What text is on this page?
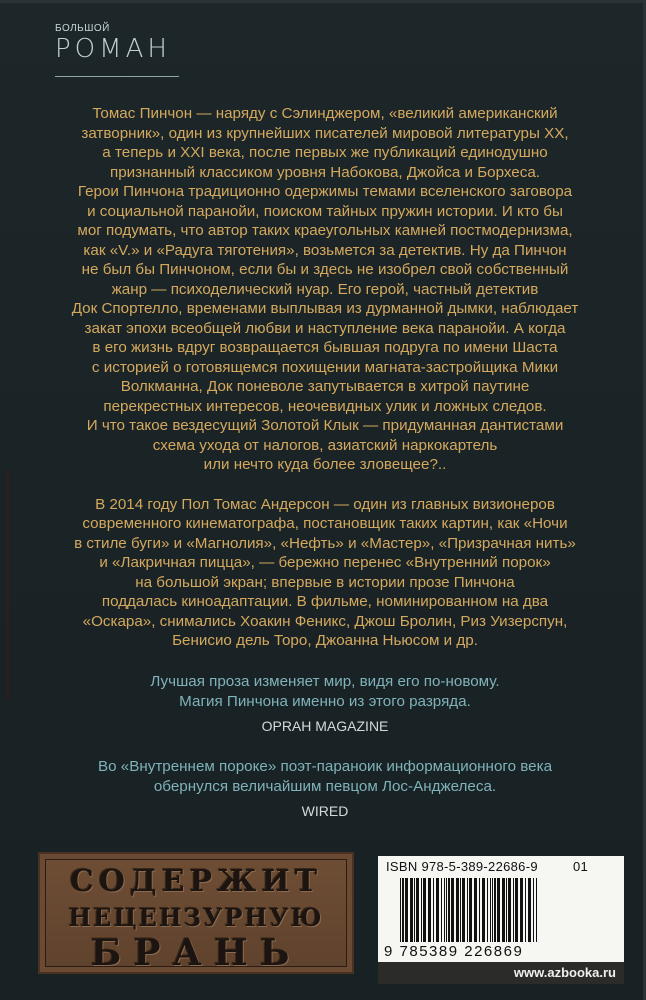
БОЛЬШОЙ
РОМАН
Томас Пинчон — наряду с Сэлинджером, «великий американский
затворник», один из крупнейших писателей мировой литературы XX,
а теперь и XXI века, после первых же публикаций единодушно
признанный классиком уровня Набокова, Джойса и Борхеса.
Герои Пинчона традиционно одержимы темами вселенского заговора
и социальной паранойи, поиском тайных пружин истории. И кто бы
мог подумать, что автор таких краеугольных камней постмодернизма,
как «V.» и «Радуга тяготения», возьмется за детектив. Ну да Пинчон
не был бы Пинчоном, если бы и здесь не изобрел свой собственный
жанр — психоделический нуар. Его герой, частный детектив
Док Спортелло, временами выплывая из дурманной дымки, наблюдает
закат эпохи всеобщей любви и наступление века паранойи. А когда
в его жизнь вдруг возвращается бывшая подруга по имени Шаста
с историей о готовящемся похищении магната-застройщика Мики
Волкманна, Док поневоле запутывается в хитрой паутине
перекрестных интересов, неочевидных улик и ложных следов.
И что такое вездесущий Золотой Клык — придуманная дантистами
схема ухода от налогов, азиатский наркокартель
или нечто куда более зловещее?..
В 2014 году Пол Томас Андерсон — один из главных визионеров
современного кинематографа, постановщик таких картин, как «Ночи
в стиле буги» и «Магнолия», «Нефть» и «Мастер», «Призрачная нить»
и «Лакричная пицца», — бережно перенес «Внутренний порок»
на большой экран; впервые в истории прозе Пинчона
поддалась киноадаптации. В фильме, номинированном на два
«Оскара», снимались Хоакин Феникс, Джош Бролин, Риз Уизерспун,
Бенисио дель Торо, Джоанна Ньюсом и др.
Лучшая проза изменяет мир, видя его по-новому.
Магия Пинчона именно из этого разряда.
OPRAH MAGAZINE
Во «Внутреннем пороке» поэт-параноик информационного века
обернулся величайшим певцом Лос-Анджелеса.
WIRED
СОДЕРЖИТ
НЕЦЕНЗУРНУЮ
БРАНЬ
ISBN 978-5-389-22686-9	01
9 785389 226869
www.azbooka.ru
